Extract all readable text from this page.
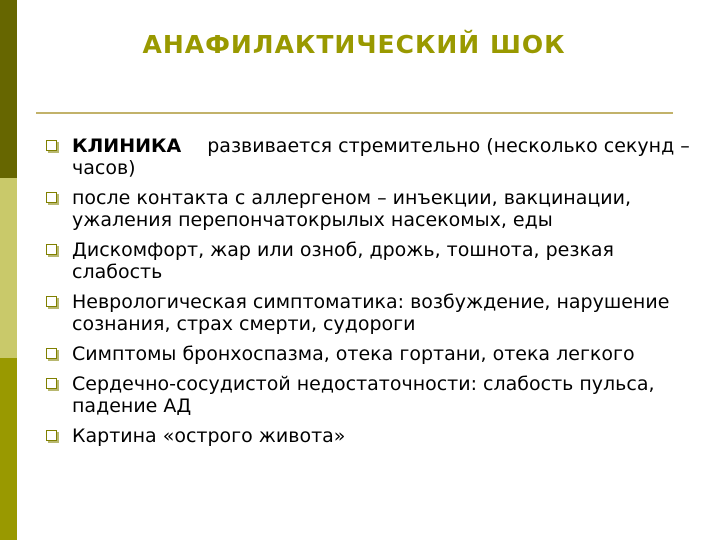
АНАФИЛАКТИЧЕСКИЙ ШОК
КЛИНИКА развивается стремительно (несколько секунд – часов)
после контакта с аллергеном – инъекции, вакцинации, ужаления перепончатокрылых насекомых, еды
Дискомфорт, жар или озноб, дрожь, тошнота, резкая слабость
Неврологическая симптоматика: возбуждение, нарушение сознания, страх смерти, судороги
Симптомы бронхоспазма, отека гортани, отека легкого
Сердечно-сосудистой недостаточности: слабость пульса, падение АД
Картина «острого живота»
